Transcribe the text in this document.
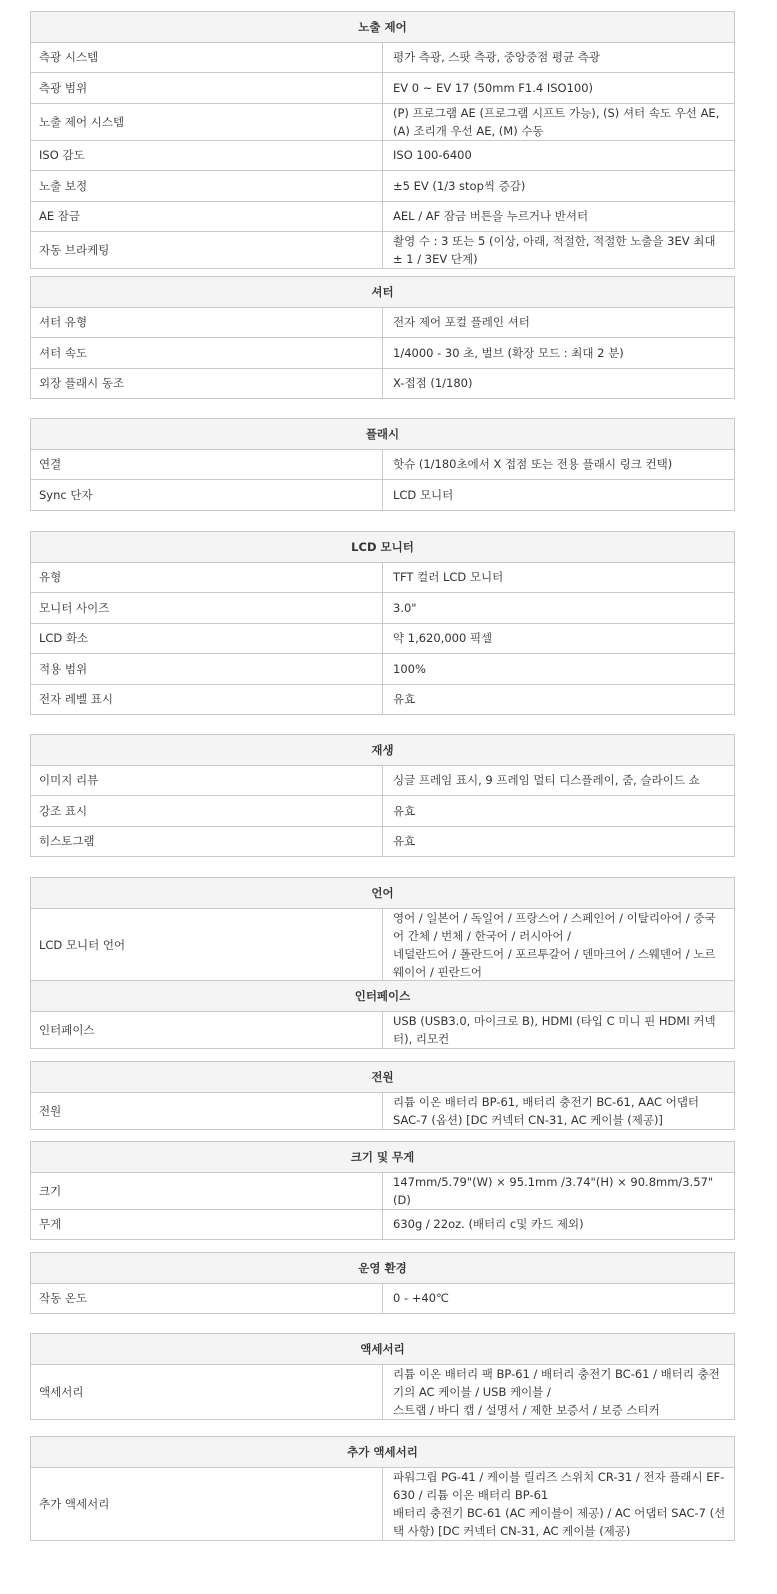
노출 제어	
측광 시스템	평가 측광, 스팟 측광, 중앙중점 평균 측광
측광 범위	EV 0 ~ EV 17 (50mm F1.4 ISO100)
노출 제어 시스템	(P) 프로그램 AE (프로그램 시프트 가능), (S) 셔터 속도 우선 AE, (A) 조리개 우선 AE, (M) 수동
ISO 감도	ISO 100-6400
노출 보정	±5 EV (1/3 stop씩 증감)
AE 잠금	AEL / AF 잠금 버튼을 누르거나 반셔터
자동 브라케팅	촬영 수 : 3 또는 5 (이상, 아래, 적절한, 적절한 노출을 3EV 최대 ± 1 / 3EV 단계)
셔터	
셔터 유형	전자 제어 포컬 플레인 셔터
셔터 속도	1/4000 - 30 초, 벌브 (확장 모드 : 최대 2 분)
외장 플래시 동조	X-접점 (1/180)
플래시	
연결	핫슈 (1/180초에서 X 접점 또는 전용 플래시 링크 컨택)
Sync 단자	LCD 모니터
LCD 모니터	
유형	TFT 컬러 LCD 모니터
모니터 사이즈	3.0"
LCD 화소	약 1,620,000 픽셀
적용 범위	100%
전자 레벨 표시	유효
재생	
이미지 리뷰	싱글 프레임 표시, 9 프레임 멀티 디스플레이, 줌, 슬라이드 쇼
강조 표시	유효
히스토그램	유효
언어
LCD 모니터 언어	영어 / 일본어 / 독일어 / 프랑스어 / 스페인어 / 이탈리아어 / 중국어 간체 / 번체 / 한국어 / 러시아어 /
네덜란드어 / 폴란드어 / 포르투갈어 / 덴마크어 / 스웨덴어 / 노르웨이어 / 핀란드어
인터페이스
인터페이스	USB (USB3.0, 마이크로 B), HDMI (타입 C 미니 핀 HDMI 커넥터), 리모컨
전원
전원	리튬 이온 배터리 BP-61, 배터리 충전기 BC-61, AAC 어댑터 SAC-7 (옵션) [DC 커넥터 CN-31, AC 케이블 (제공)]
크기 및 무게	
크기	147mm/5.79"(W) × 95.1mm /3.74"(H) × 90.8mm/3.57"(D)
무게	630g / 22oz. (배터리 c및 카드 제외)
운영 환경
작동 온도	0 - +40℃
액세서리
액세서리	리튬 이온 배터리 팩 BP-61 / 배터리 충전기 BC-61 / 배터리 충전기의 AC 케이블 / USB 케이블 /
스트랩 / 바디 캡 / 설명서 / 제한 보증서 / 보증 스티커
추가 액세서리
추가 액세서리	파워그립 PG-41 / 케이블 릴리즈 스위치 CR-31 / 전자 플래시 EF-630 / 리튬 이온 배터리 BP-61
배터리 충전기 BC-61 (AC 케이블이 제공) / AC 어댑터 SAC-7 (선택 사항) [DC 커넥터 CN-31, AC 케이블 (제공)
